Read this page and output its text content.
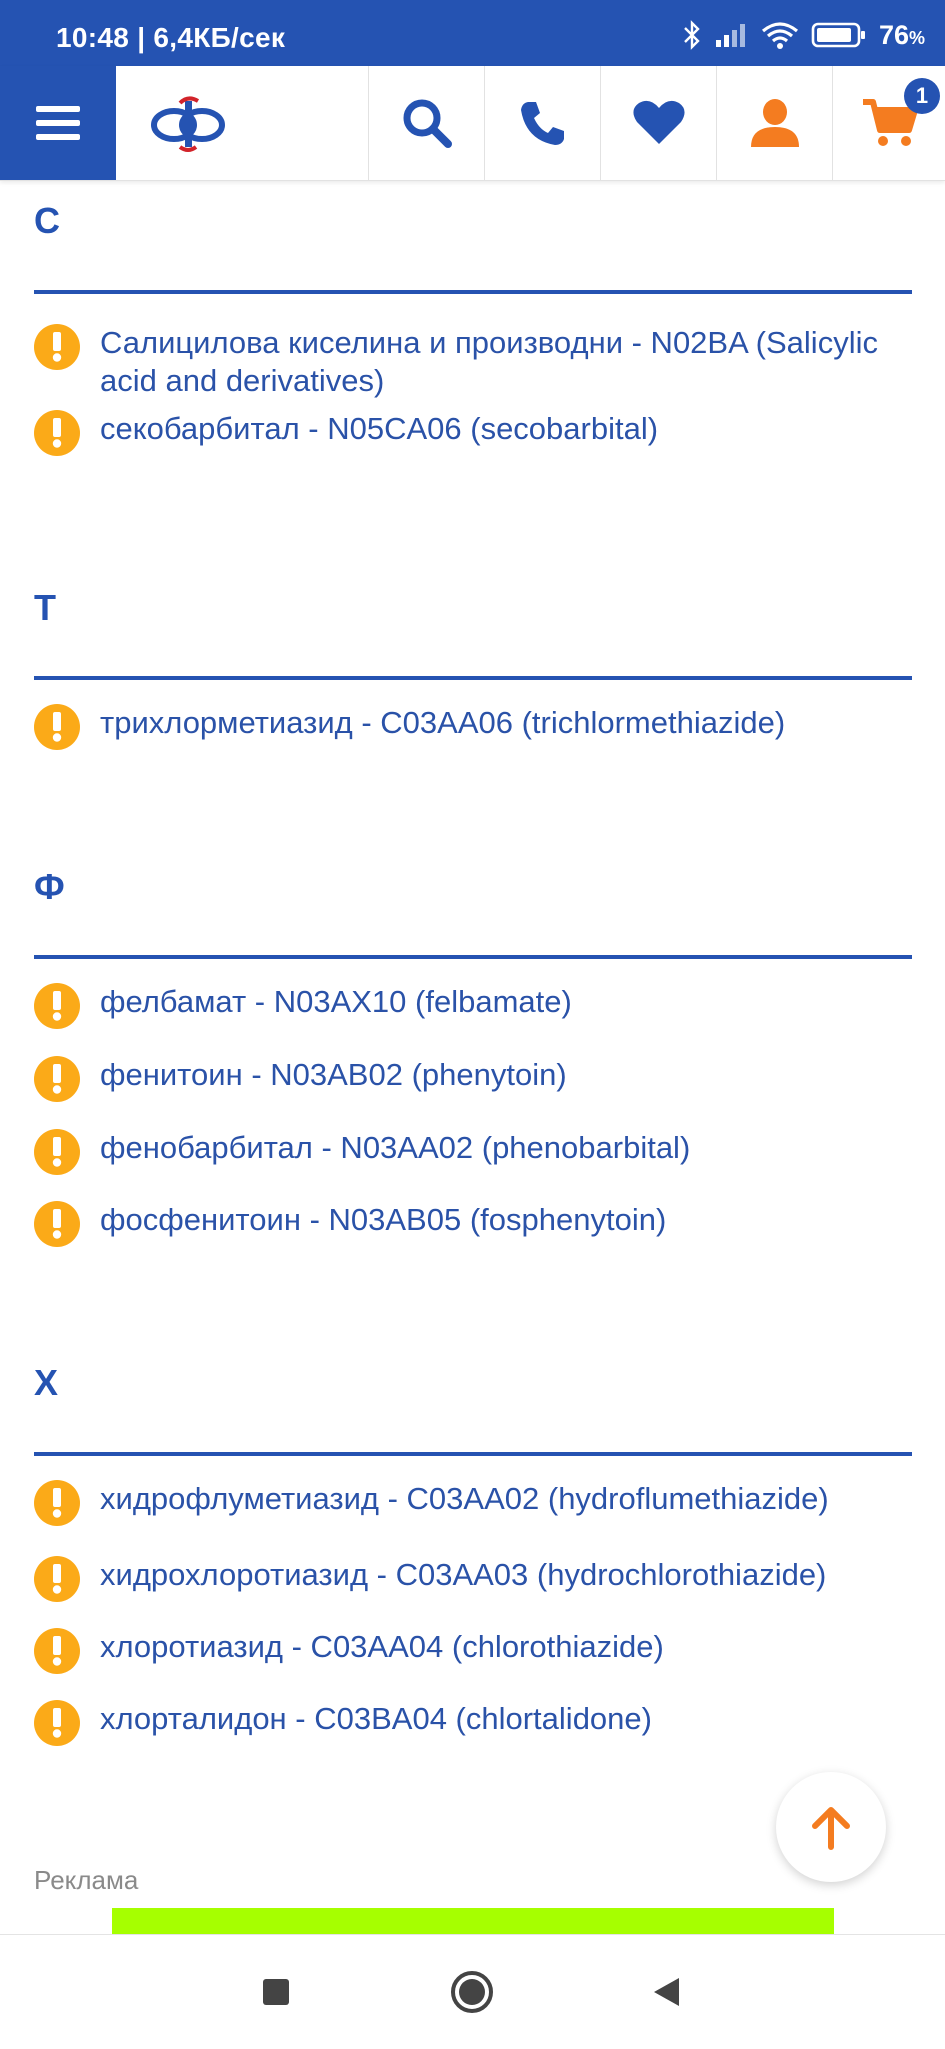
10:48 | 6,4КБ/сек	76%
1
С
Салицилова киселина и производни - N02BA (Salicylic acid and derivatives)
секобарбитал - N05CA06 (secobarbital)
Т
трихлорметиазид - C03AA06 (trichlormethiazide)
Ф
фелбамат - N03AX10 (felbamate)
фенитоин - N03AB02 (phenytoin)
фенобарбитал - N03AA02 (phenobarbital)
фосфенитоин - N03AB05 (fosphenytoin)
Х
хидрофлуметиазид - C03AA02 (hydroflumethiazide)
хидрохлоротиазид - C03AA03 (hydrochlorothiazide)
хлоротиазид - C03AA04 (chlorothiazide)
хлорталидон - C03BA04 (chlortalidone)
Реклама
